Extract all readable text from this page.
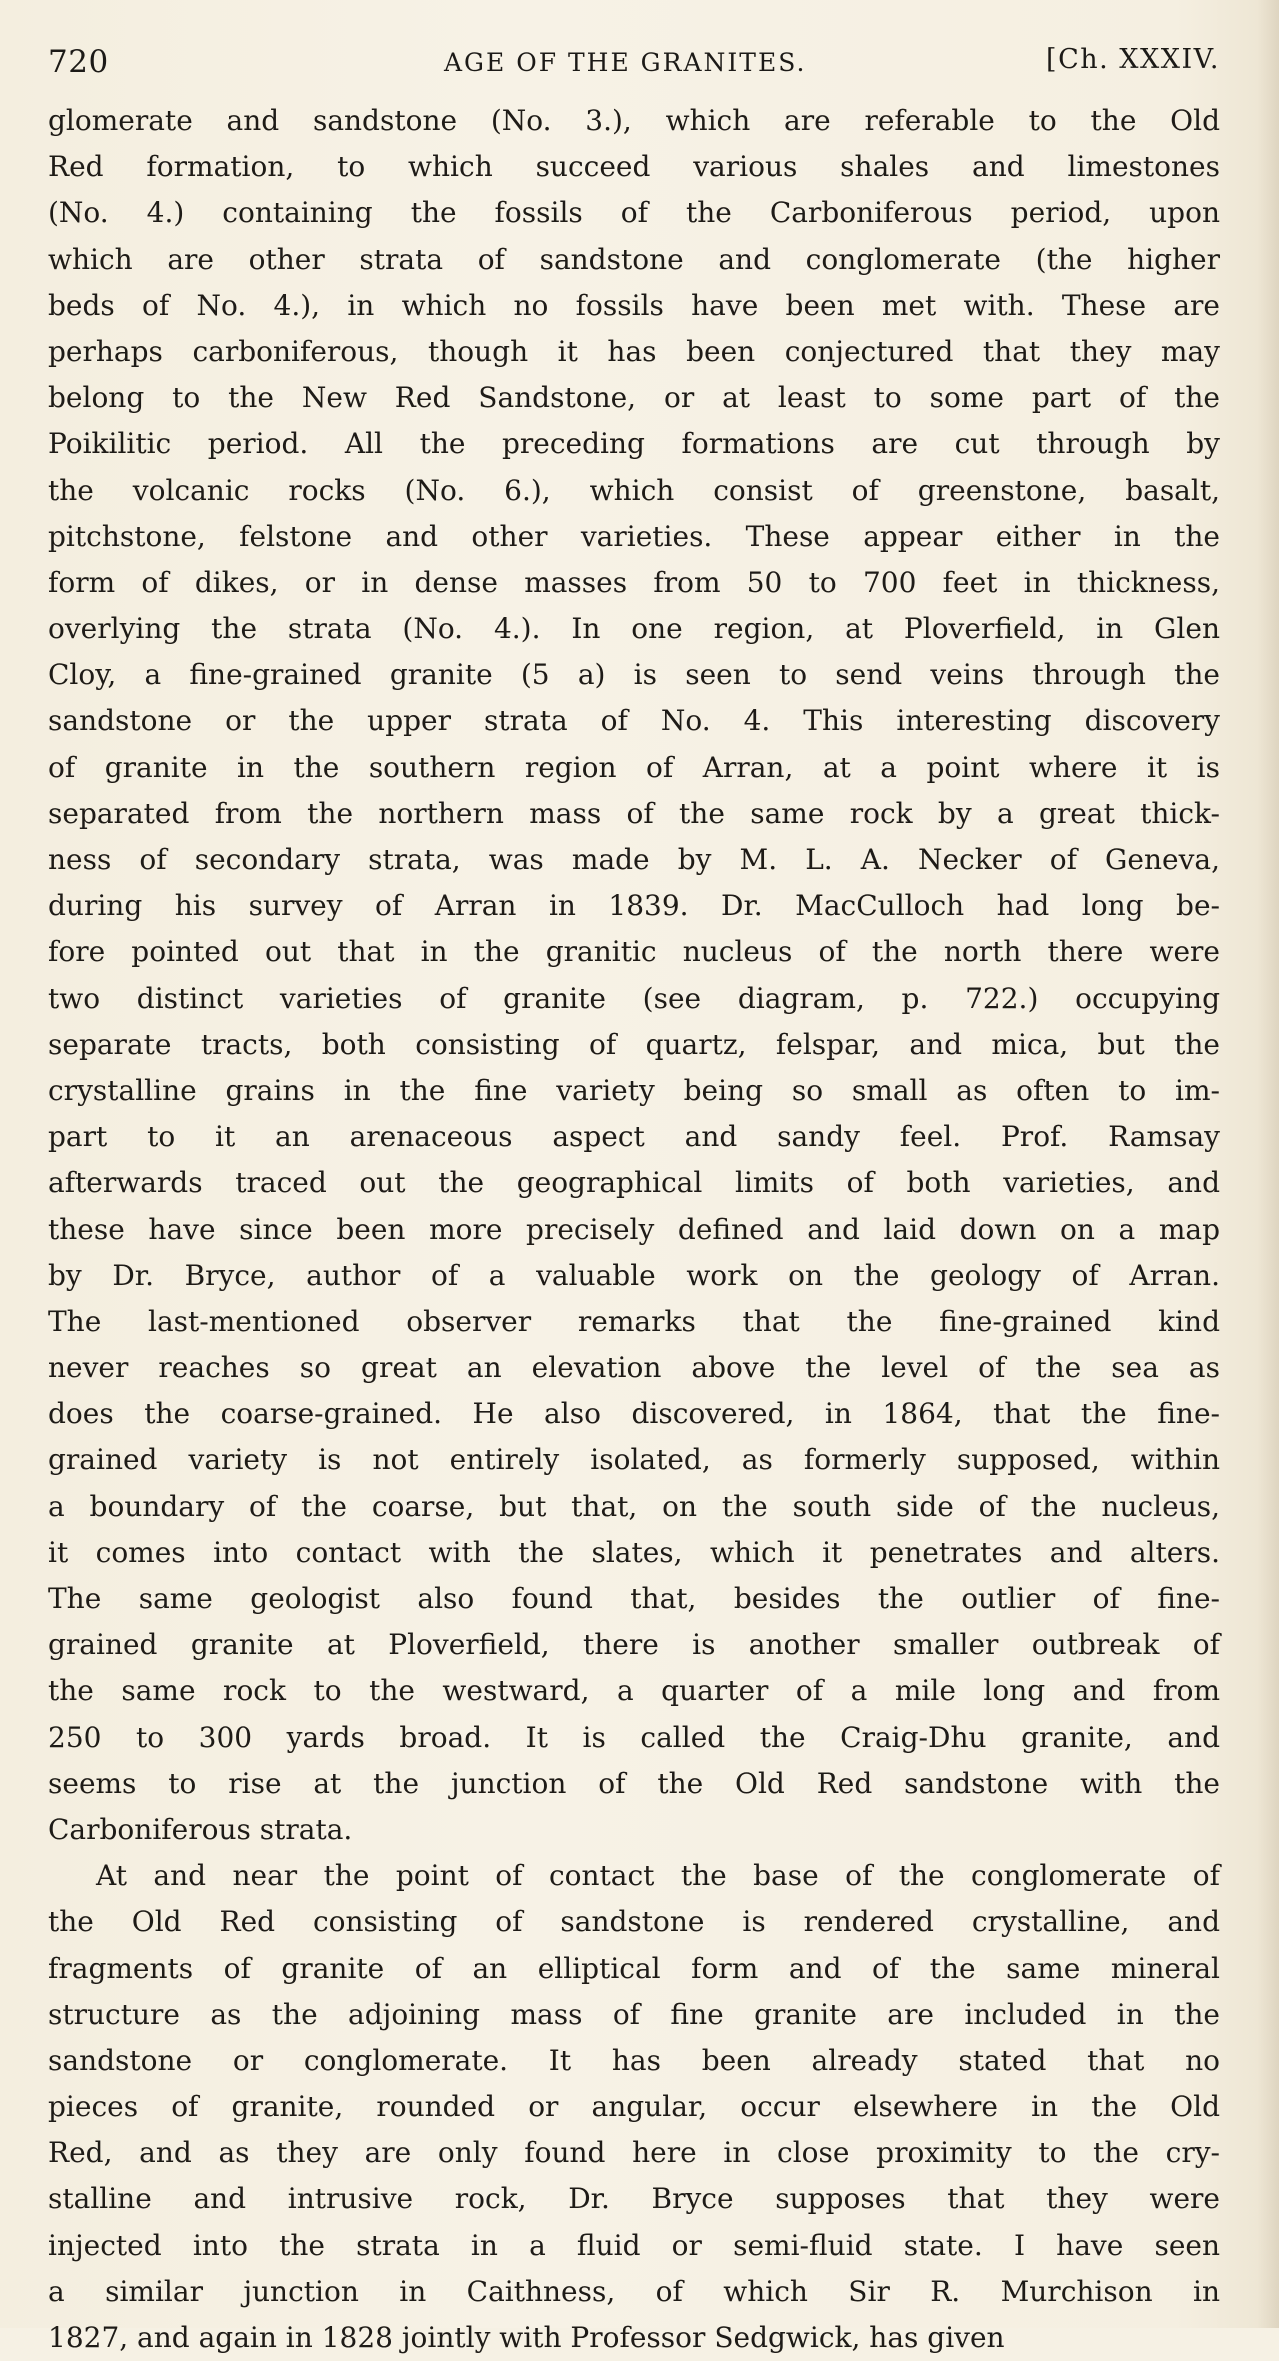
720	AGE OF THE GRANITES.	[Ch. XXXIV.
glomerate and sandstone (No. 3.), which are referable to the Old
Red formation, to which succeed various shales and limestones
(No. 4.) containing the fossils of the Carboniferous period, upon
which are other strata of sandstone and conglomerate (the higher
beds of No. 4.), in which no fossils have been met with. These are
perhaps carboniferous, though it has been conjectured that they may
belong to the New Red Sandstone, or at least to some part of the
Poikilitic period. All the preceding formations are cut through by
the volcanic rocks (No. 6.), which consist of greenstone, basalt,
pitchstone, felstone and other varieties. These appear either in the
form of dikes, or in dense masses from 50 to 700 feet in thickness,
overlying the strata (No. 4.). In one region, at Ploverfield, in Glen
Cloy, a fine-grained granite (5 a) is seen to send veins through the
sandstone or the upper strata of No. 4. This interesting discovery
of granite in the southern region of Arran, at a point where it is
separated from the northern mass of the same rock by a great thick-
ness of secondary strata, was made by M. L. A. Necker of Geneva,
during his survey of Arran in 1839. Dr. MacCulloch had long be-
fore pointed out that in the granitic nucleus of the north there were
two distinct varieties of granite (see diagram, p. 722.) occupying
separate tracts, both consisting of quartz, felspar, and mica, but the
crystalline grains in the fine variety being so small as often to im-
part to it an arenaceous aspect and sandy feel. Prof. Ramsay
afterwards traced out the geographical limits of both varieties, and
these have since been more precisely defined and laid down on a map
by Dr. Bryce, author of a valuable work on the geology of Arran.
The last-mentioned observer remarks that the fine-grained kind
never reaches so great an elevation above the level of the sea as
does the coarse-grained. He also discovered, in 1864, that the fine-
grained variety is not entirely isolated, as formerly supposed, within
a boundary of the coarse, but that, on the south side of the nucleus,
it comes into contact with the slates, which it penetrates and alters.
The same geologist also found that, besides the outlier of fine-
grained granite at Ploverfield, there is another smaller outbreak of
the same rock to the westward, a quarter of a mile long and from
250 to 300 yards broad. It is called the Craig-Dhu granite, and
seems to rise at the junction of the Old Red sandstone with the
Carboniferous strata.
At and near the point of contact the base of the conglomerate of
the Old Red consisting of sandstone is rendered crystalline, and
fragments of granite of an elliptical form and of the same mineral
structure as the adjoining mass of fine granite are included in the
sandstone or conglomerate. It has been already stated that no
pieces of granite, rounded or angular, occur elsewhere in the Old
Red, and as they are only found here in close proximity to the cry-
stalline and intrusive rock, Dr. Bryce supposes that they were
injected into the strata in a fluid or semi-fluid state. I have seen
a similar junction in Caithness, of which Sir R. Murchison in
1827, and again in 1828 jointly with Professor Sedgwick, has given
